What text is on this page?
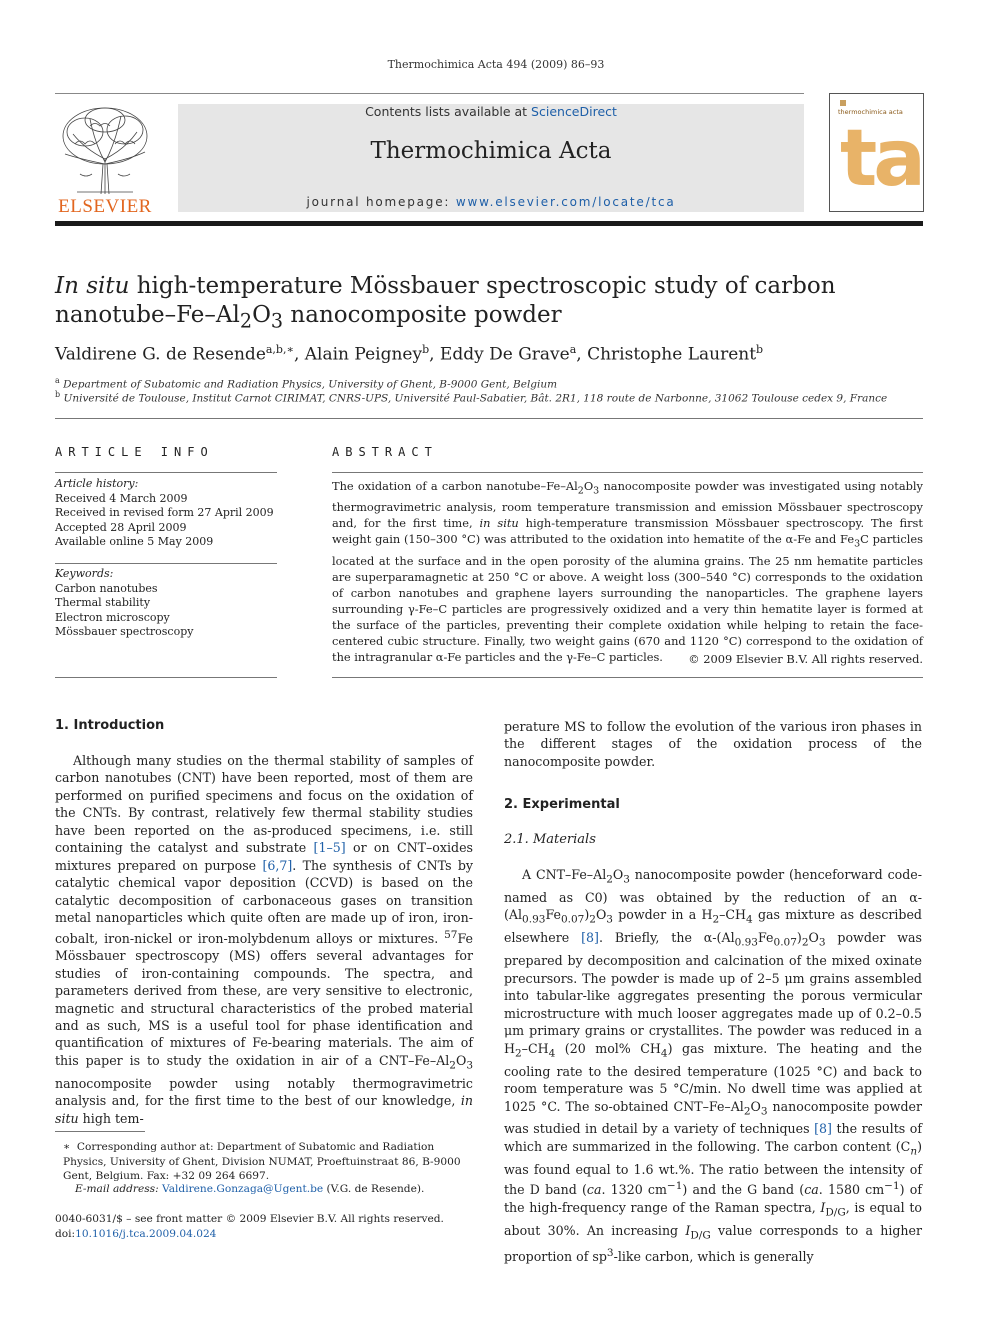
Thermochimica Acta 494 (2009) 86–93
ELSEVIER
Contents lists available at ScienceDirect
Thermochimica Acta
journal homepage: www.elsevier.com/locate/tca
thermochimica acta
ta
In situ high-temperature Mössbauer spectroscopic study of carbon nanotube–$Fe-Al_2O_3$ nanocomposite powder
Valdirene G. de Resende$^{a,b,∗}$, Alain Peigney$^b$, Eddy De Grave$^a$, Christophe Laurent$^b$
$^a$ Department of Subatomic and Radiation Physics, University of Ghent, B-9000 Gent, Belgium
$^b$ Université de Toulouse, Institut Carnot CIRIMAT, CNRS-UPS, Université Paul-Sabatier, Bât. 2R1, 118 route de Narbonne, 31062 Toulouse cedex 9, France
ARTICLE INFO
Article history:
Received 4 March 2009
Received in revised form 27 April 2009
Accepted 28 April 2009
Available online 5 May 2009
Keywords:
Carbon nanotubes
Thermal stability
Electron microscopy
Mössbauer spectroscopy
ABSTRACT
The oxidation of a carbon nanotube–$Fe-Al_2O_3$ nanocomposite powder was investigated using notably thermogravimetric analysis, room temperature transmission and emission Mössbauer spectroscopy and, for the first time, in situ high-temperature transmission Mössbauer spectroscopy. The first weight gain (150–300 °C) was attributed to the oxidation into hematite of the α-Fe and $Fe_3C$ particles located at the surface and in the open porosity of the alumina grains. The 25 nm hematite particles are superparamagnetic at 250 °C or above. A weight loss (300–540 °C) corresponds to the oxidation of carbon nanotubes and graphene layers surrounding the nanoparticles. The graphene layers surrounding γ-Fe–C particles are progressively oxidized and a very thin hematite layer is formed at the surface of the particles, preventing their complete oxidation while helping to retain the face-centered cubic structure. Finally, two weight gains (670 and 1120 °C) correspond to the oxidation of the intragranular α-Fe particles and the γ-Fe–C particles.	© 2009 Elsevier B.V. All rights reserved.
1. Introduction

Although many studies on the thermal stability of samples of carbon nanotubes (CNT) have been reported, most of them are performed on purified specimens and focus on the oxidation of the CNTs. By contrast, relatively few thermal stability studies have been reported on the as-produced specimens, i.e. still containing the catalyst and substrate [1–5] or on CNT–oxides mixtures prepared on purpose [6,7]. The synthesis of CNTs by catalytic chemical vapor deposition (CCVD) is based on the catalytic decomposition of carbonaceous gases on transition metal nanoparticles which quite often are made up of iron, iron-cobalt, iron-nickel or iron-molybdenum alloys or mixtures. $^{57}$Fe Mössbauer spectroscopy (MS) offers several advantages for studies of iron-containing compounds. The spectra, and parameters derived from these, are very sensitive to electronic, magnetic and structural characteristics of the probed material and as such, MS is a useful tool for phase identification and quantification of mixtures of Fe-bearing materials. The aim of this paper is to study the oxidation in air of a CNT–$Fe-Al_2O_3$ nanocomposite powder using notably thermogravimetric analysis and, for the first time to the best of our knowledge, in situ high tem-

perature MS to follow the evolution of the various iron phases in the different stages of the oxidation process of the nanocomposite powder.

2. Experimental
2.1. Materials

A CNT–$Fe-Al_2O_3$ nanocomposite powder (henceforward code-named as C0) was obtained by the reduction of an $\alpha-(Al_{0.93}Fe_{0.07})_2O_3$ powder in a $H_2-CH_4$ gas mixture as described elsewhere [8]. Briefly, the $\alpha-(Al_{0.93}Fe_{0.07})_2O_3$ powder was prepared by decomposition and calcination of the mixed oxinate precursors. The powder is made up of 2–5 μm grains assembled into tabular-like aggregates presenting the porous vermicular microstructure with much looser aggregates made up of 0.2–0.5 μm primary grains or crystallites. The powder was reduced in a $H_2-CH_4$ (20 mol% $CH_4$) gas mixture. The heating and the cooling rate to the desired temperature (1025 °C) and back to room temperature was 5 °C/min. No dwell time was applied at 1025 °C. The so-obtained CNT–$Fe-Al_2O_3$ nanocomposite powder was studied in detail by a variety of techniques [8] the results of which are summarized in the following. The carbon content $(C_n)$ was found equal to 1.6 wt.%. The ratio between the intensity of the D band (ca. 1320 $cm^{-1}$) and the G band (ca. 1580 $cm^{-1}$) of the high-frequency range of the Raman spectra, $I_{D/G}$, is equal to about 30%. An increasing $I_{D/G}$ value corresponds to a higher proportion of $sp^3$-like carbon, which is generally

∗  Corresponding author at: Department of Subatomic and Radiation Physics, University of Ghent, Division NUMAT, Proeftuinstraat 86, B-9000 Gent, Belgium. Fax: +32 09 264 6697.
E-mail address: Valdirene.Gonzaga@Ugent.be (V.G. de Resende).
0040-6031/$ – see front matter © 2009 Elsevier B.V. All rights reserved.
doi:10.1016/j.tca.2009.04.024
